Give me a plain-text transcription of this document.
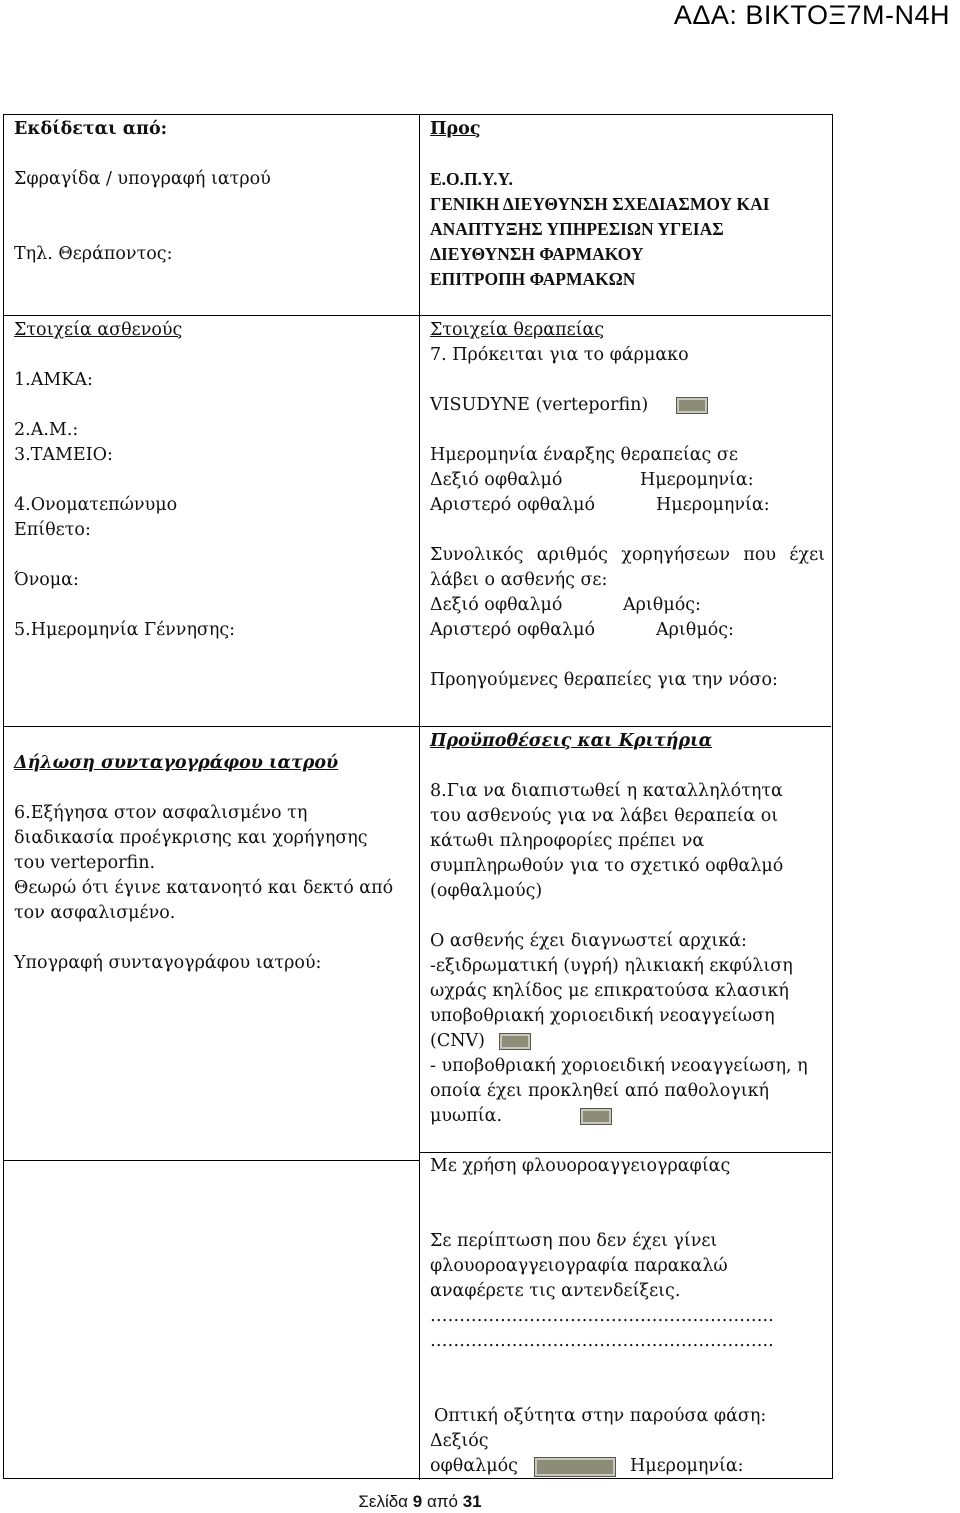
ΑΔΑ: ΒΙΚΤΟΞ7Μ-Ν4Η
Εκδίδεται από:
Σφραγίδα / υπογραφή ιατρού
Τηλ. Θεράποντος:
Προς
Ε.Ο.Π.Υ.Υ.
ΓΕΝΙΚΗ ΔΙΕΥΘΥΝΣΗ ΣΧΕΔΙΑΣΜΟΥ ΚΑΙ
ΑΝΑΠΤΥΞΗΣ ΥΠΗΡΕΣΙΩΝ ΥΓΕΙΑΣ
ΔΙΕΥΘΥΝΣΗ ΦΑΡΜΑΚΟΥ
ΕΠΙΤΡΟΠΗ ΦΑΡΜΑΚΩΝ
Στοιχεία ασθενούς
1.ΑΜΚΑ:
2.Α.Μ.:
3.ΤΑΜΕΙΟ:
4.Ονοματεπώνυμο
Επίθετο:
Όνομα:
5.Ημερομηνία Γέννησης:
Στοιχεία θεραπείας
7. Πρόκειται για το φάρμακο
VISUDYNE (verteporfin)
Ημερομηνία έναρξης θεραπείας σε
Δεξιό οφθαλμό	Ημερομηνία:
Αριστερό οφθαλμό	Ημερομηνία:
Συνολικός αριθμός χορηγήσεων που έχει
λάβει ο ασθενής σε:
Δεξιό οφθαλμό	Αριθμός:
Αριστερό οφθαλμό	Αριθμός:
Προηγούμενες θεραπείες για την νόσο:
Δήλωση συνταγογράφου ιατρού
6.Εξήγησα στον ασφαλισμένο τη
διαδικασία προέγκρισης και χορήγησης
του verteporfin.
Θεωρώ ότι έγινε κατανοητό και δεκτό από
τον ασφαλισμένο.
Υπογραφή συνταγογράφου ιατρού:
Προϋποθέσεις και Κριτήρια
8.Για να διαπιστωθεί η καταλληλότητα
του ασθενούς για να λάβει θεραπεία οι
κάτωθι πληροφορίες πρέπει να
συμπληρωθούν για το σχετικό οφθαλμό
(οφθαλμούς)
Ο ασθενής έχει διαγνωστεί αρχικά:
-εξιδρωματική (υγρή) ηλικιακή εκφύλιση
ωχράς κηλίδος με επικρατούσα κλασική
υποβοθριακή χοριοειδική νεοαγγείωση
(CNV)
- υποβοθριακή χοριοειδική νεοαγγείωση, η
οποία έχει προκληθεί από παθολογική
μυωπία.
Με χρήση φλουοροαγγειογραφίας
Σε περίπτωση που δεν έχει γίνει
φλουοροαγγειογραφία παρακαλώ
αναφέρετε τις αντενδείξεις.
…………………………………………………..
…………………………………………………..
Οπτική οξύτητα στην παρούσα φάση:
Δεξιός
οφθαλμός	Ημερομηνία:
Σελίδα 9 από 31
